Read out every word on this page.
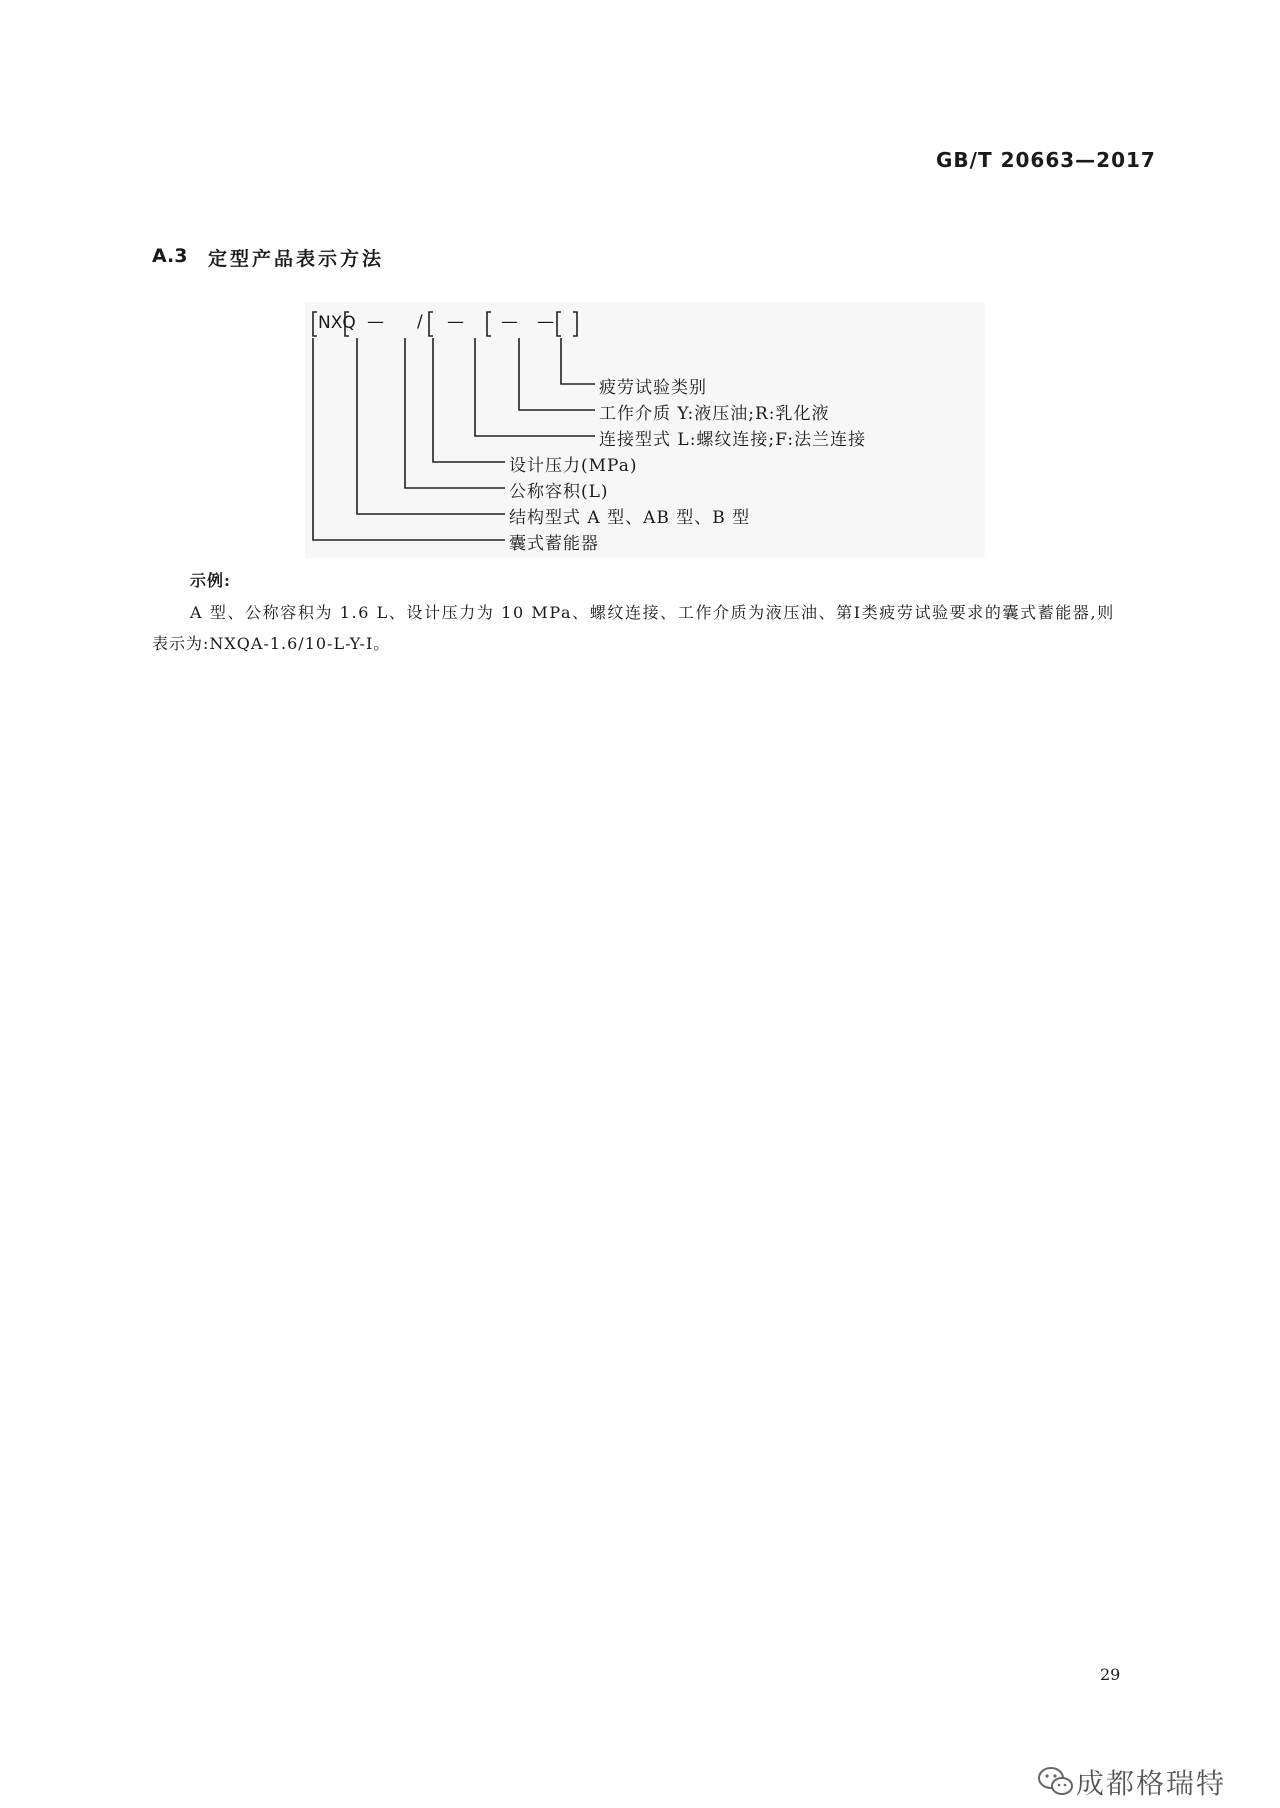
GB/T 20663—2017
A.3 定型产品表示方法
NXQ — / — — —
疲劳试验类别
工作介质 Y:液压油;R:乳化液
连接型式 L:螺纹连接;F:法兰连接
设计压力(MPa)
公称容积(L)
结构型式 A 型、AB 型、B 型
囊式蓄能器
示例:
A 型、公称容积为 1.6 L、设计压力为 10 MPa、螺纹连接、工作介质为液压油、第Ⅰ类疲劳试验要求的囊式蓄能器,则
表示为:NXQA-1.6/10-L-Y-I。
29
成都格瑞特
